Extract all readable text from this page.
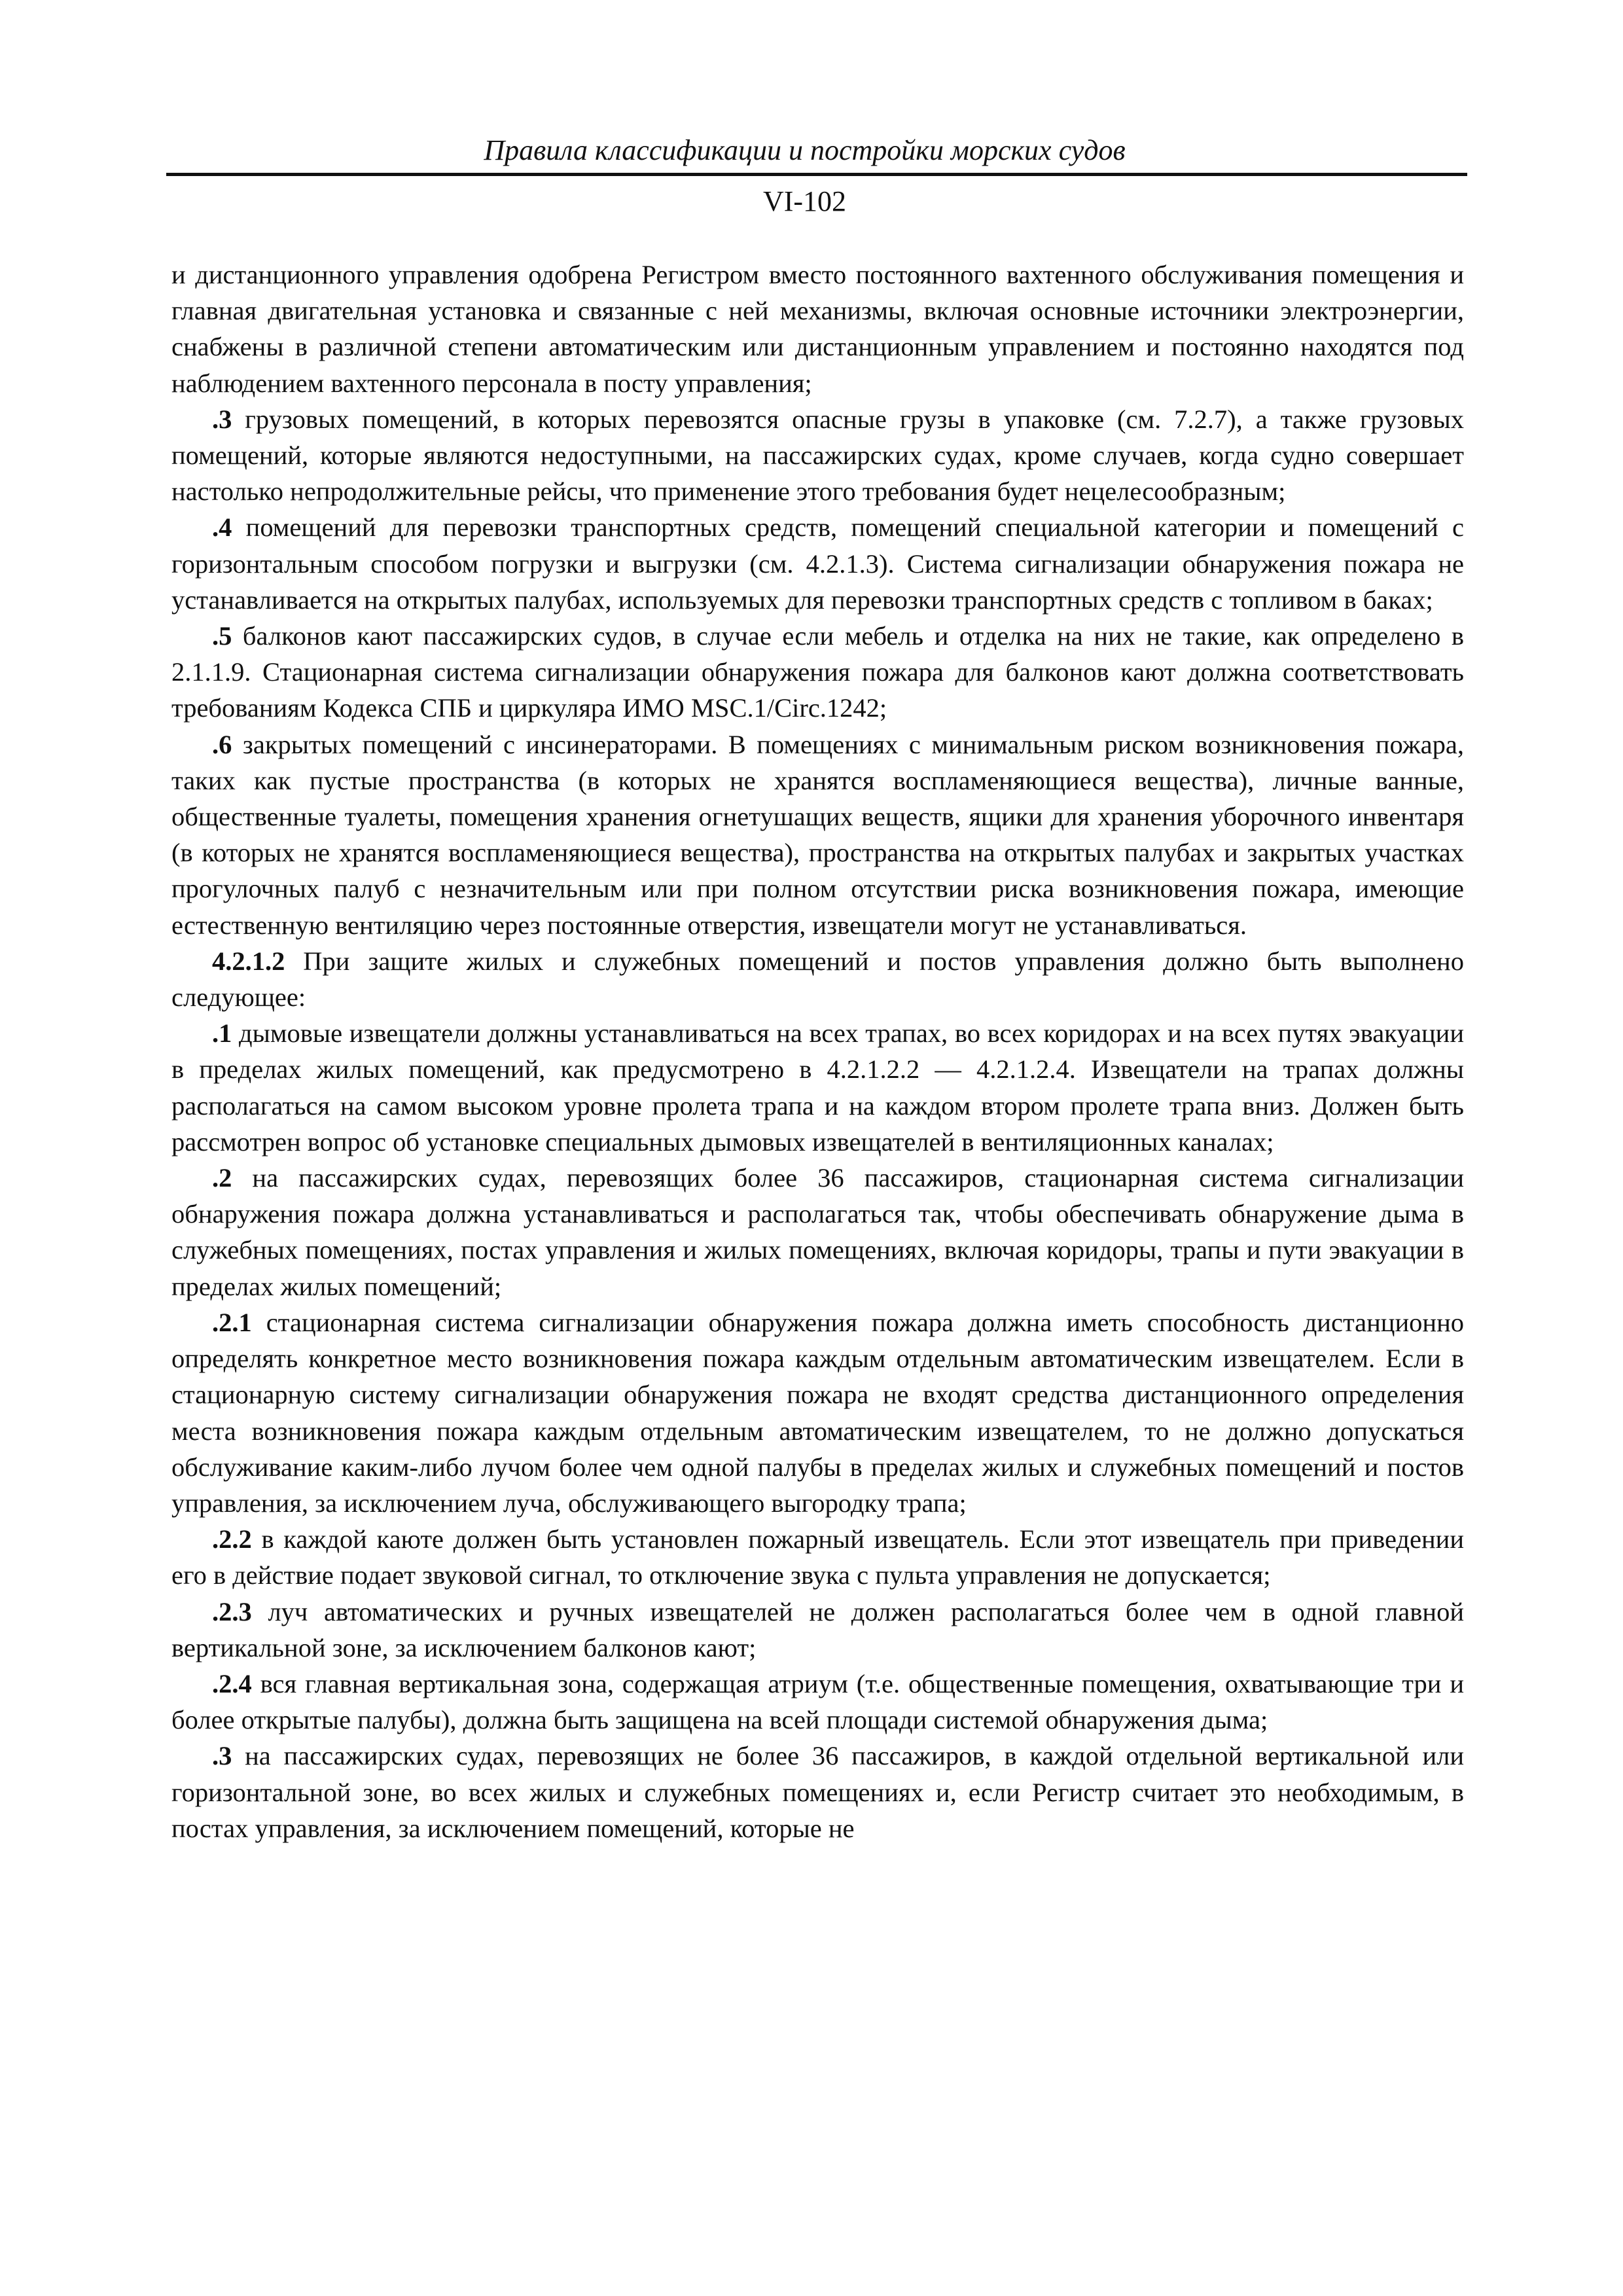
Правила классификации и постройки морских судов
VI-102

и дистанционного управления одобрена Регистром вместо постоянного вахтенного обслуживания помещения и главная двигательная установка и связанные с ней механизмы, включая основные источники электроэнергии, снабжены в различной степени автоматическим или дистанционным управлением и постоянно находятся под наблюдением вахтенного персонала в посту управления;

.3 грузовых помещений, в которых перевозятся опасные грузы в упаковке (см. 7.2.7), а также грузовых помещений, которые являются недоступными, на пассажирских судах, кроме случаев, когда судно совершает настолько непродолжительные рейсы, что применение этого требования будет нецелесообразным;

.4 помещений для перевозки транспортных средств, помещений специальной категории и помещений с горизонтальным способом погрузки и выгрузки (см. 4.2.1.3). Система сигнализации обнаружения пожара не устанавливается на открытых палубах, используемых для перевозки транспортных средств с топливом в баках;

.5 балконов кают пассажирских судов, в случае если мебель и отделка на них не такие, как определено в 2.1.1.9. Стационарная система сигнализации обнаружения пожара для балконов кают должна соответствовать требованиям Кодекса СПБ и циркуляра ИМО MSC.1/Circ.1242;

.6 закрытых помещений с инсинераторами. В помещениях с минимальным риском возникновения пожара, таких как пустые пространства (в которых не хранятся воспламеняющиеся вещества), личные ванные, общественные туалеты, помещения хранения огнетушащих веществ, ящики для хранения уборочного инвентаря (в которых не хранятся воспламеняющиеся вещества), пространства на открытых палубах и закрытых участках прогулочных палуб с незначительным или при полном отсутствии риска возникновения пожара, имеющие естественную вентиляцию через постоянные отверстия, извещатели могут не устанавливаться.

4.2.1.2 При защите жилых и служебных помещений и постов управления должно быть выполнено следующее:

.1 дымовые извещатели должны устанавливаться на всех трапах, во всех коридорах и на всех путях эвакуации в пределах жилых помещений, как предусмотрено в 4.2.1.2.2 — 4.2.1.2.4. Извещатели на трапах должны располагаться на самом высоком уровне пролета трапа и на каждом втором пролете трапа вниз. Должен быть рассмотрен вопрос об установке специальных дымовых извещателей в вентиляционных каналах;

.2 на пассажирских судах, перевозящих более 36 пассажиров, стационарная система сигнализации обнаружения пожара должна устанавливаться и располагаться так, чтобы обеспечивать обнаружение дыма в служебных помещениях, постах управления и жилых помещениях, включая коридоры, трапы и пути эвакуации в пределах жилых помещений;

.2.1 стационарная система сигнализации обнаружения пожара должна иметь способность дистанционно определять конкретное место возникновения пожара каждым отдельным автоматическим извещателем. Если в стационарную систему сигнализации обнаружения пожара не входят средства дистанционного определения места возникновения пожара каждым отдельным автоматическим извещателем, то не должно допускаться обслуживание каким-либо лучом более чем одной палубы в пределах жилых и служебных помещений и постов управления, за исключением луча, обслуживающего выгородку трапа;

.2.2 в каждой каюте должен быть установлен пожарный извещатель. Если этот извещатель при приведении его в действие подает звуковой сигнал, то отключение звука с пульта управления не допускается;

.2.3 луч автоматических и ручных извещателей не должен располагаться более чем в одной главной вертикальной зоне, за исключением балконов кают;

.2.4 вся главная вертикальная зона, содержащая атриум (т.е. общественные помещения, охватывающие три и более открытые палубы), должна быть защищена на всей площади системой обнаружения дыма;

.3 на пассажирских судах, перевозящих не более 36 пассажиров, в каждой отдельной вертикальной или горизонтальной зоне, во всех жилых и служебных помещениях и, если Регистр считает это необходимым, в постах управления, за исключением помещений, которые не
